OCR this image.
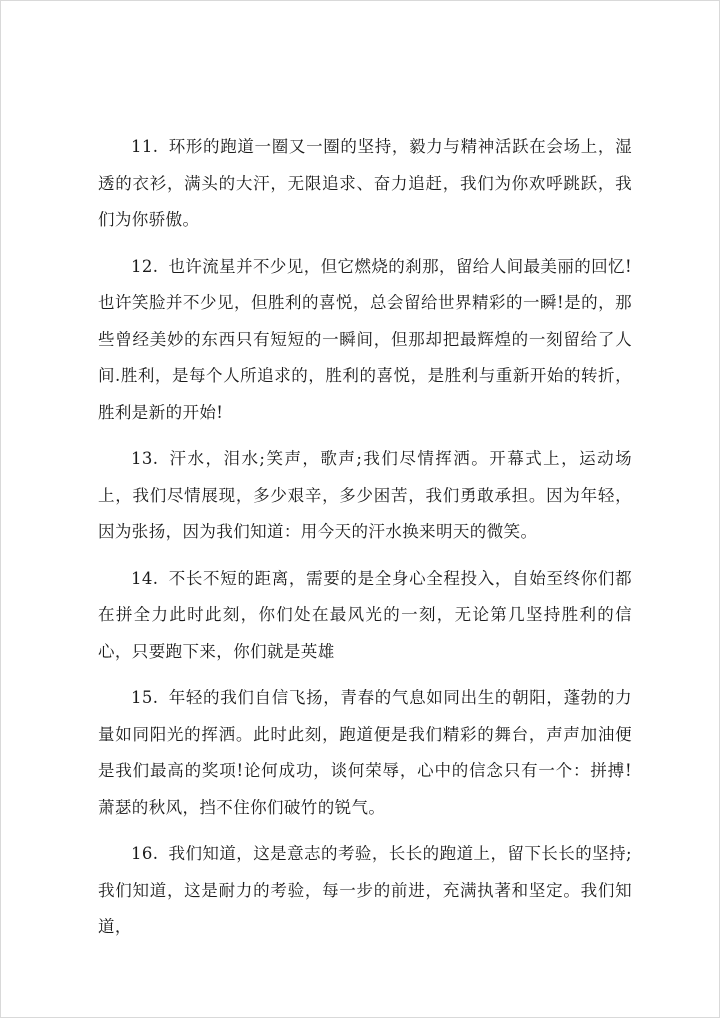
11. 环形的跑道一圈又一圈的坚持，毅力与精神活跃在会场上，湿透的衣衫，满头的大汗，无限追求、奋力追赶，我们为你欢呼跳跃，我们为你骄傲。

12. 也许流星并不少见，但它燃烧的刹那，留给人间最美丽的回忆!也许笑脸并不少见，但胜利的喜悦，总会留给世界精彩的一瞬!是的，那些曾经美妙的东西只有短短的一瞬间，但那却把最辉煌的一刻留给了人间.胜利，是每个人所追求的，胜利的喜悦，是胜利与重新开始的转折，胜利是新的开始!

13. 汗水，泪水;笑声，歌声;我们尽情挥洒。开幕式上，运动场上，我们尽情展现，多少艰辛，多少困苦，我们勇敢承担。因为年轻，因为张扬，因为我们知道：用今天的汗水换来明天的微笑。

14. 不长不短的距离，需要的是全身心全程投入，自始至终你们都在拼全力此时此刻，你们处在最风光的一刻，无论第几坚持胜利的信心，只要跑下来，你们就是英雄

15. 年轻的我们自信飞扬，青春的气息如同出生的朝阳，蓬勃的力量如同阳光的挥洒。此时此刻，跑道便是我们精彩的舞台，声声加油便是我们最高的奖项!论何成功，谈何荣辱，心中的信念只有一个：拼搏!萧瑟的秋风，挡不住你们破竹的锐气。

16. 我们知道，这是意志的考验，长长的跑道上，留下长长的坚持;我们知道，这是耐力的考验，每一步的前进，充满执著和坚定。我们知道，
